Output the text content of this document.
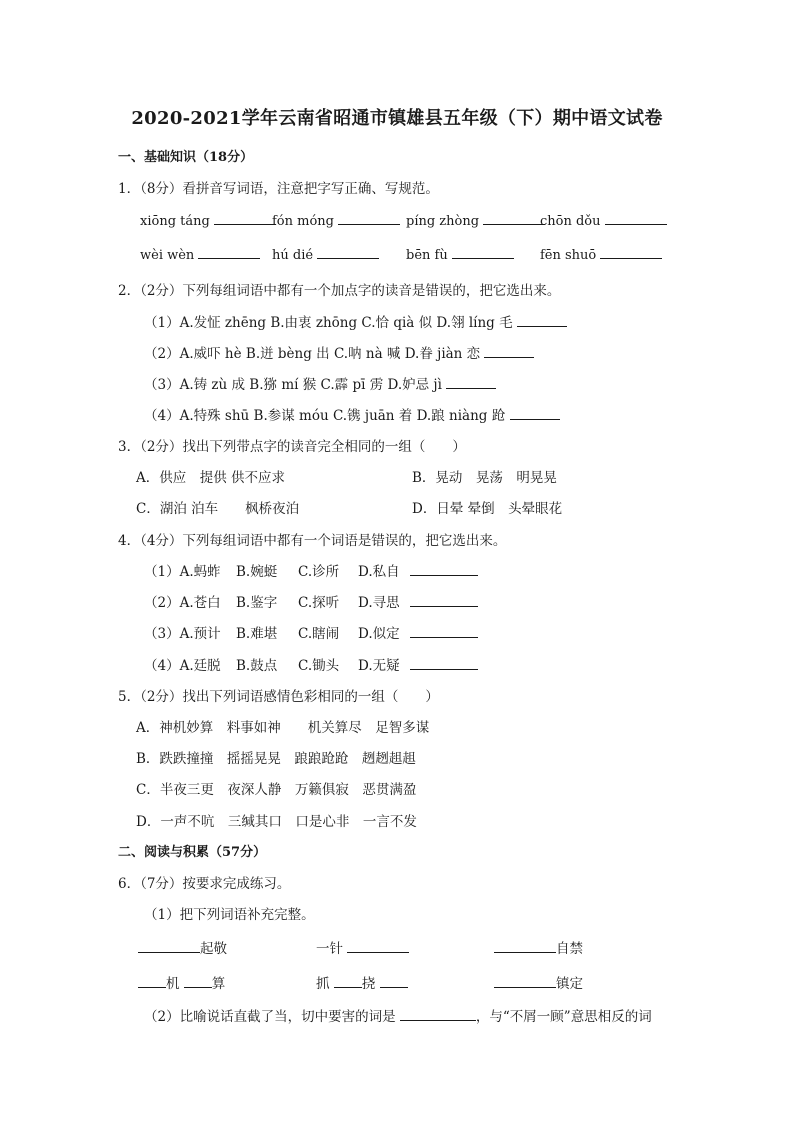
2020-2021学年云南省昭通市镇雄县五年级（下）期中语文试卷
一、基础知识（18分）
1．（8分）看拼音写词语，注意把字写正确、写规范。
xiōng táng	fón móng	píng zhòng	chōn dǒu
wèi wèn	hú dié	bēn fù	fēn shuō
2．（2分）下列每组词语中都有一个加点字的读音是错误的，把它选出来。
（1）A.发怔 zhēng B.由衷 zhōng C.恰 qià 似 D.翎 líng 毛
（2）A.威吓 hè B.迸 bèng 出 C.呐 nà 喊 D.眷 jiàn 恋
（3）A.铸 zù 成 B.猕 mí 猴 C.霹 pī 雳 D.妒忌 jì
（4）A.特殊 shū B.参谋 móu C.镌 juān 着 D.踉 niàng 跄
3．（2分）找出下列带点字的读音完全相同的一组（　　）
A．供应　提供 供不应求	B．晃动　晃荡　明晃晃
C．湖泊 泊车　　枫桥夜泊	D．日晕 晕倒　头晕眼花
4．（4分）下列每组词语中都有一个词语是错误的，把它选出来。
（1）A.蚂蚱 B.婉蜓 C.诊所 D.私自
（2）A.苍白 B.鉴字 C.探听 D.寻思
（3）A.预计 B.难堪 C.瞎闹 D.似定
（4）A.廷脱 B.鼓点 C.锄头 D.无疑
5．（2分）找出下列词语感情色彩相同的一组（　　）
A．神机妙算　料事如神　　机关算尽　足智多谋
B．跌跌撞撞　摇摇晃晃　踉踉跄跄　趔趔趄趄
C．半夜三更　夜深人静　万籁俱寂　恶贯满盈
D．一声不吭　三缄其口　口是心非　一言不发
二、阅读与积累（57分）
6．（7分）按要求完成练习。
（1）把下列词语补充完整。
起敬	一针	自禁
机 算	抓 挠	镇定
（2）比喻说话直截了当，切中要害的词是	，与“不屑一顾”意思相反的词
